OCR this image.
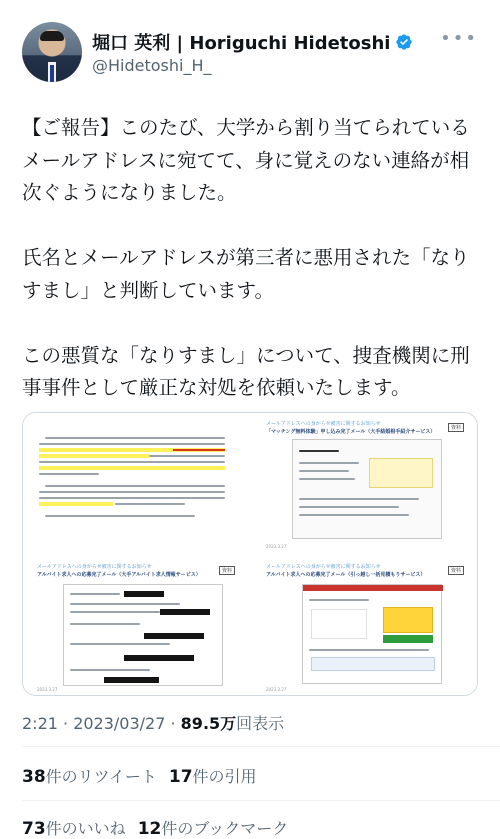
堀口 英利 | Horiguchi Hidetoshi
@Hidetoshi_H_
•••
【ご報告】このたび、大学から割り当てられているメールアドレスに宛てて、身に覚えのない連絡が相次ぐようになりました。
氏名とメールアドレスが第三者に悪用された「なりすまし」と判断しています。
この悪質な「なりすまし」について、捜査機関に刑事事件として厳正な対処を依頼いたします。
メールアドレスへの身がらせ被害に関するお知らせ
「マッチング無料体験」申し込み完了メール（大手結婚相手紹介サービス）
資料
2023.3.27
メールアドレスへの身がらせ被害に関するお知らせ
アルバイト求人への応募完了メール（大手アルバイト求人情報サービス）
資料
2023.3.27
メールアドレスへの身がらせ被害に関するお知らせ
アルバイト求人への応募完了メール（引っ越し一括見積もりサービス）
資料
2023.3.27
2:21 · 2023/03/27 · 89.5万回表示
38件のリツイート 17件の引用
73件のいいね 12件のブックマーク
